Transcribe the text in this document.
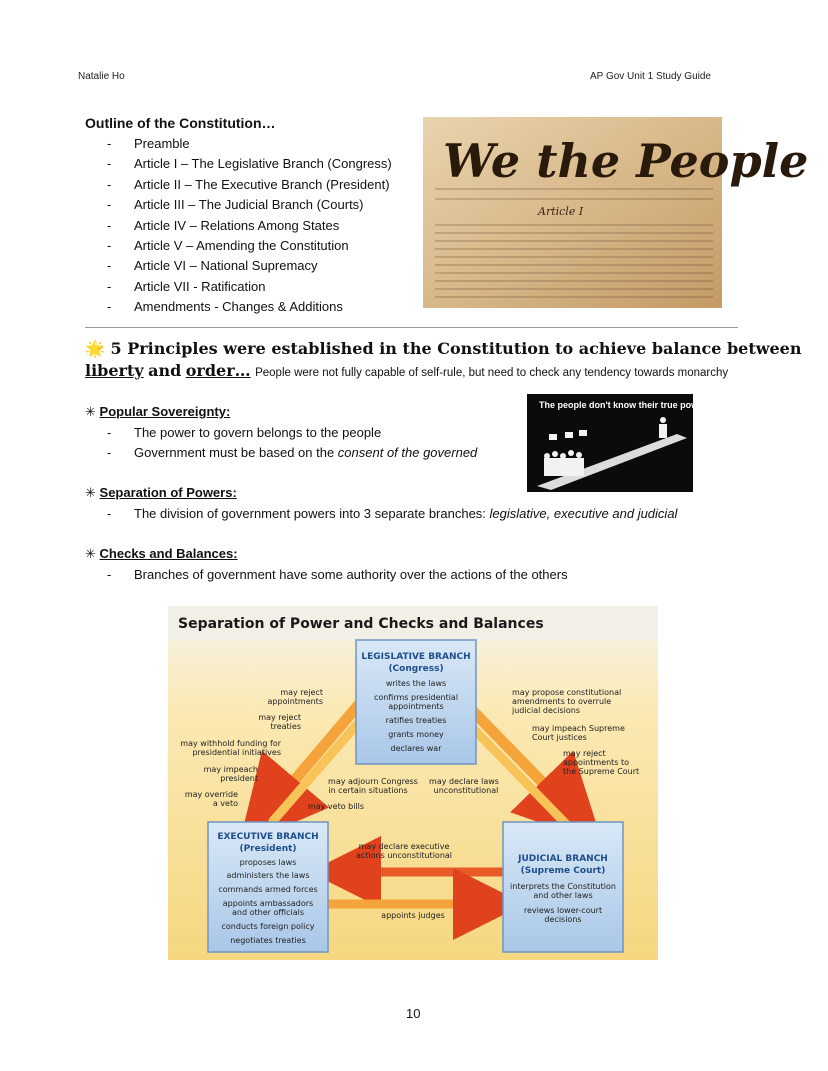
Natalie Ho	AP Gov Unit 1 Study Guide
Outline of the Constitution…
- Preamble
- Article I – The Legislative Branch (Congress)
- Article II – The Executive Branch (President)
- Article III – The Judicial Branch (Courts)
- Article IV – Relations Among States
- Article V – Amending the Constitution
- Article VI – National Supremacy
- Article VII - Ratification
- Amendments - Changes & Additions
We the People
Article I
🌟 5 Principles were established in the Constitution to achieve balance between
liberty and order… People were not fully capable of self-rule, but need to check any tendency towards monarchy
The people don't know their true power...
✳ Popular Sovereignty:
- The power to govern belongs to the people
- Government must be based on the consent of the governed
✳ Separation of Powers:
- The division of government powers into 3 separate branches: legislative, executive and judicial
✳ Checks and Balances:
- Branches of government have some authority over the actions of the others
Separation of Power and Checks and Balances
LEGISLATIVE BRANCH
(Congress)
writes the laws
confirms presidential
appointments
ratifies treaties
grants money
declares war
EXECUTIVE BRANCH
(President)
proposes laws
administers the laws
commands armed forces
appoints ambassadors
and other officials
conducts foreign policy
negotiates treaties
JUDICIAL BRANCH
(Supreme Court)
interprets the Constitution
and other laws
reviews lower-court
decisions
may reject
appointments
may reject
treaties
may withhold funding for
presidential initiatives
may impeach
president
may override
a veto
may adjourn Congress
in certain situations
may declare laws
unconstitutional
may veto bills
may declare executive
actions unconstitutional
appoints judges
may propose constitutional
amendments to overrule
judicial decisions
may impeach Supreme
Court justices
may reject
appointments to
the Supreme Court
10
